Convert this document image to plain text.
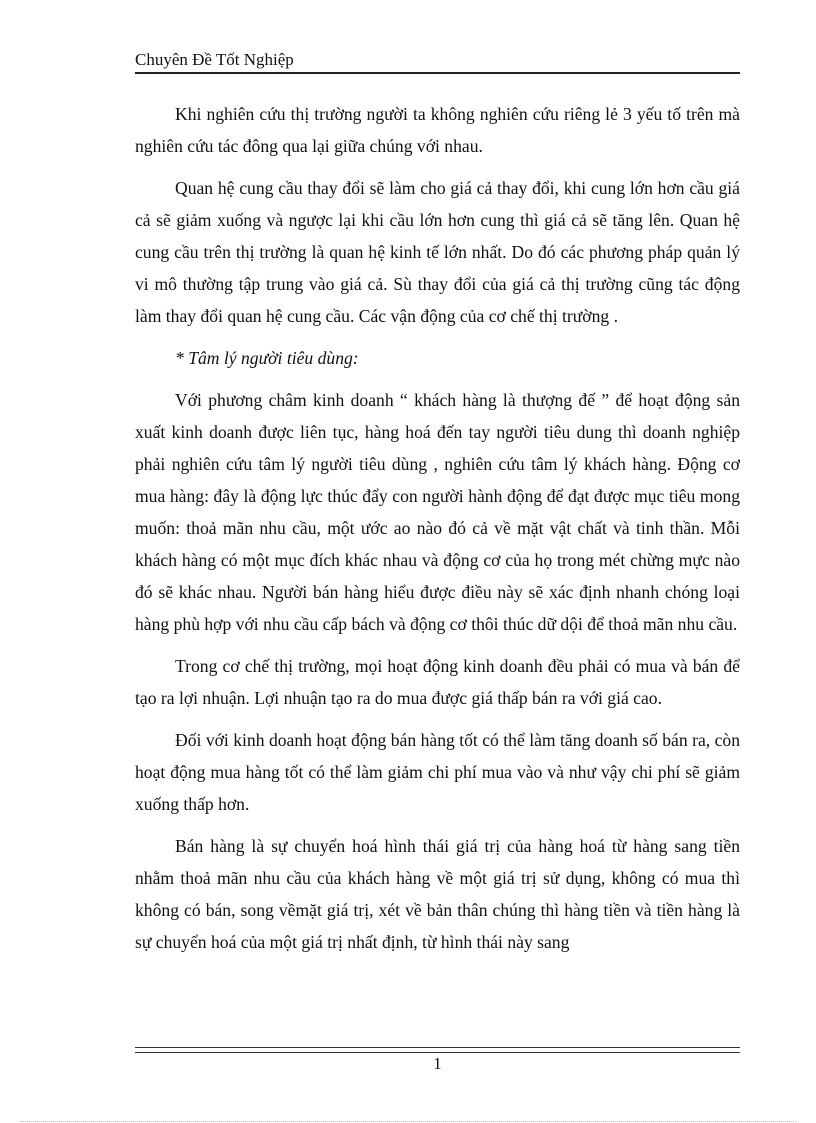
Chuyên Đề Tốt Nghiệp

Khi nghiên cứu thị trường người ta không nghiên cứu riêng lẻ 3 yếu tố trên mà nghiên cứu tác đông qua lại giữa chúng với nhau.

Quan hệ cung cầu thay đổi sẽ làm cho giá cả thay đổi, khi cung lớn hơn cầu giá cả sẽ giảm xuống và ngược lại khi cầu lớn hơn cung thì giá cả sẽ tăng lên. Quan hệ cung cầu trên thị trường là quan hệ kinh tế lớn nhất. Do đó các phương pháp quản lý vi mô thường tập trung vào giá cả. Sù thay đổi của giá cả thị trường cũng tác động làm thay đổi quan hệ cung cầu. Các vận động của cơ chế thị trường .

* Tâm lý người tiêu dùng:

Với phương châm kinh doanh “ khách hàng là thượng đế ” để hoạt động sản xuất kinh doanh được liên tục, hàng hoá đến tay người tiêu dung thì doanh nghiệp phải nghiên cứu tâm lý người tiêu dùng , nghiên cứu tâm lý khách hàng. Động cơ mua hàng: đây là động lực thúc đẩy con người hành động để đạt được mục tiêu mong muốn: thoả mãn nhu cầu, một ước ao nào đó cả về mặt vật chất và tinh thần. Mỗi khách hàng có một mục đích khác nhau và động cơ của họ trong mét chừng mực nào đó sẽ khác nhau. Người bán hàng hiểu được điều này sẽ xác định nhanh chóng loại hàng phù hợp với nhu cầu cấp bách và động cơ thôi thúc dữ dội để thoả mãn nhu cầu.

Trong cơ chế thị trường, mọi hoạt động kinh doanh đều phải có mua và bán để tạo ra lợi nhuận. Lợi nhuận tạo ra do mua được giá thấp bán ra với giá cao.

Đối với kinh doanh hoạt động bán hàng tốt có thể làm tăng doanh số bán ra, còn hoạt động mua hàng tốt có thể làm giảm chi phí mua vào và như vậy chi phí sẽ giảm xuống thấp hơn.

Bán hàng là sự chuyển hoá hình thái giá trị của hàng hoá từ hàng sang tiền nhằm thoả mãn nhu cầu của khách hàng về một giá trị sử dụng, không có mua thì không có bán, song vềmặt giá trị, xét về bản thân chúng thì hàng tiền và tiền hàng là sự chuyển hoá của một giá trị nhất định, từ hình thái này sang

1
